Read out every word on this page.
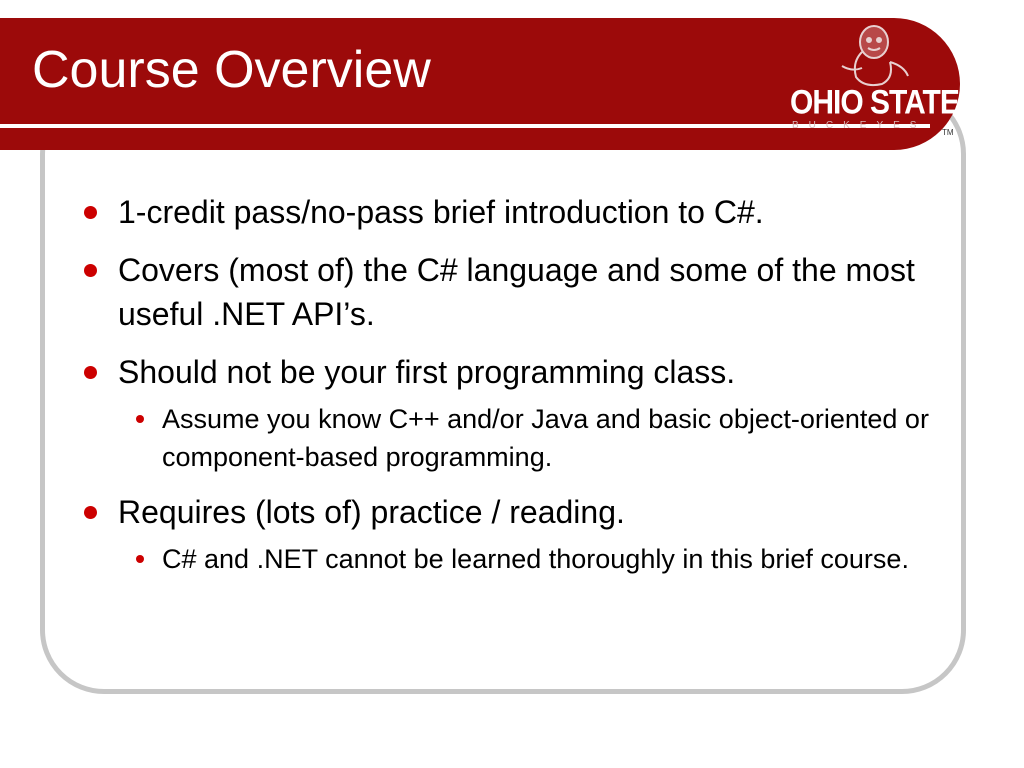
Course Overview
OHIO STATE
BUCKEYES
TM
1-credit pass/no-pass brief introduction to C#.
Covers (most of) the C# language and some of the most useful .NET API’s.
Should not be your first programming class.
Assume you know C++ and/or Java and basic object-oriented or component-based programming.
Requires (lots of) practice / reading.
C# and .NET cannot be learned thoroughly in this brief course.
